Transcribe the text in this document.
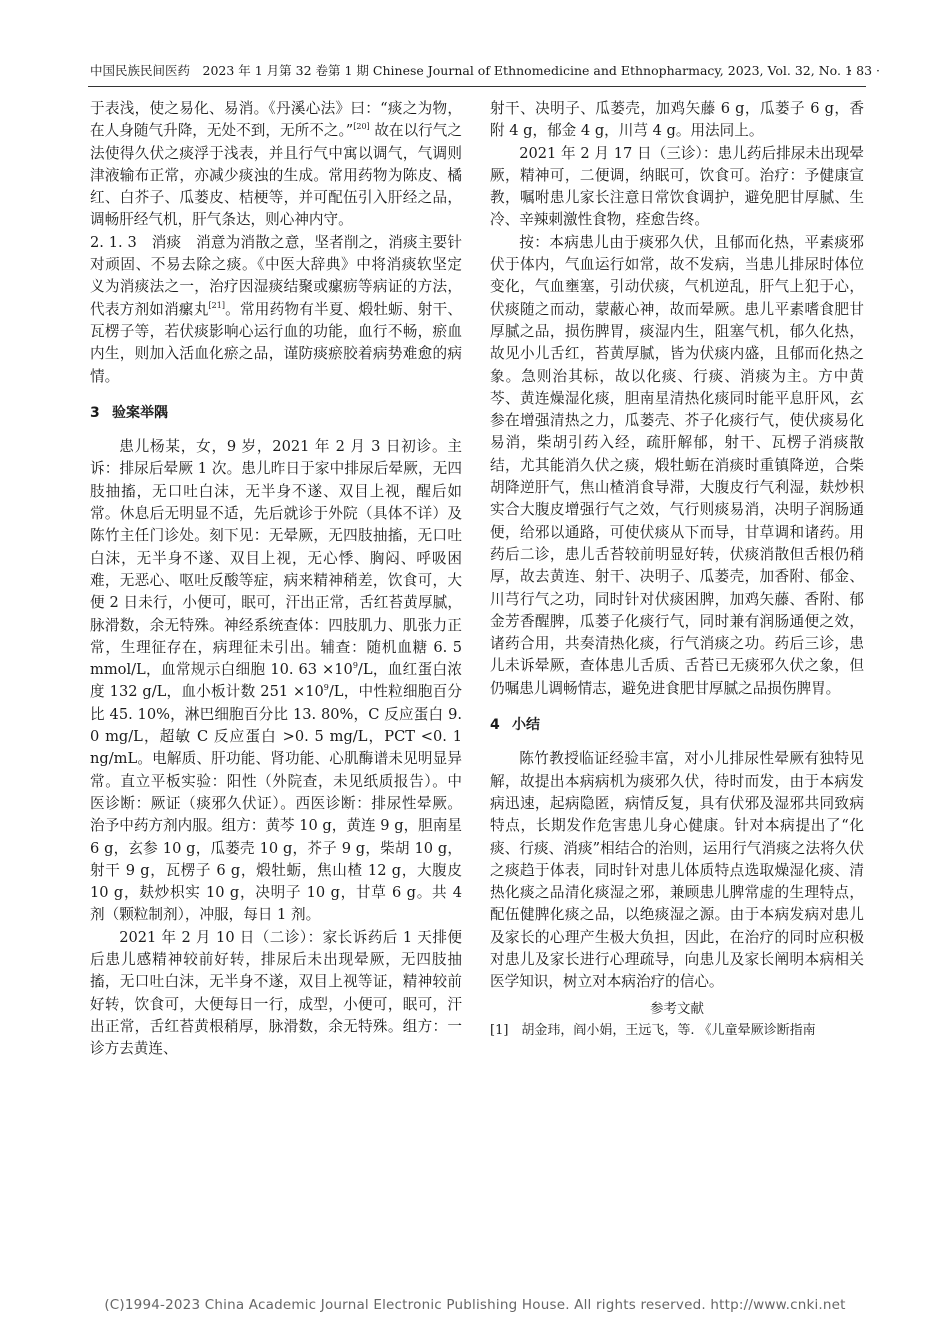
中国民族民间医药　2023 年 1 月第 32 卷第 1 期 Chinese Journal of Ethnomedicine and Ethnopharmacy, 2023, Vol. 32, No. 1
· 83 ·

于表浅，使之易化、易消。《丹溪心法》曰：“痰之为物，在人身随气升降，无处不到，无所不之。”[20] 故在以行气之法使得久伏之痰浮于浅表，并且行气中寓以调气，气调则津液输布正常，亦减少痰浊的生成。常用药物为陈皮、橘红、白芥子、瓜蒌皮、桔梗等，并可配伍引入肝经之品，调畅肝经气机，肝气条达，则心神内守。

2. 1. 3　消痰　消意为消散之意，坚者削之，消痰主要针对顽固、不易去除之痰。《中医大辞典》中将消痰软坚定义为消痰法之一，治疗因湿痰结聚或瘰疬等病证的方法，代表方剂如消瘰丸[21]。常用药物有半夏、煅牡蛎、射干、瓦楞子等，若伏痰影响心运行血的功能，血行不畅，瘀血内生，则加入活血化瘀之品，谨防痰瘀胶着病势难愈的病情。

3 验案举隅

患儿杨某，女，9 岁，2021 年 2 月 3 日初诊。主诉：排尿后晕厥 1 次。患儿昨日于家中排尿后晕厥，无四肢抽搐，无口吐白沫，无半身不遂、双目上视，醒后如常。休息后无明显不适，先后就诊于外院（具体不详）及陈竹主任门诊处。刻下见：无晕厥，无四肢抽搐，无口吐白沫，无半身不遂、双目上视，无心悸、胸闷、呼吸困难，无恶心、呕吐反酸等症，病来精神稍差，饮食可，大便 2 日未行，小便可，眠可，汗出正常，舌红苔黄厚腻，脉滑数，余无特殊。神经系统查体：四肢肌力、肌张力正常，生理征存在，病理征未引出。辅查：随机血糖 6. 5 mmol/L，血常规示白细胞 10. $63 \times 10^9/L$，血红蛋白浓度 132 g/L，血小板计数 $251 \times 10^9/L$，中性粒细胞百分比 45. 10%，淋巴细胞百分比 13. 80%，C 反应蛋白 9. 0 mg/L，超敏 C 反应蛋白 >0. 5 mg/L，PCT <0. 1 ng/mL。电解质、肝功能、肾功能、心肌酶谱未见明显异常。直立平板实验：阳性（外院查，未见纸质报告）。中医诊断：厥证（痰邪久伏证）。西医诊断：排尿性晕厥。治予中药方剂内服。组方：黄芩 10 g，黄连 9 g，胆南星 6 g，玄参 10 g，瓜蒌壳 10 g，芥子 9 g，柴胡 10 g，射干 9 g，瓦楞子 6 g，煅牡蛎，焦山楂 12 g，大腹皮 10 g，麸炒枳实 10 g，决明子 10 g，甘草 6 g。共 4 剂（颗粒制剂），冲服，每日 1 剂。

2021 年 2 月 10 日（二诊）：家长诉药后 1 天排便后患儿感精神较前好转，排尿后未出现晕厥，无四肢抽搐，无口吐白沫，无半身不遂，双目上视等证，精神较前好转，饮食可，大便每日一行，成型，小便可，眠可，汗出正常，舌红苔黄根稍厚，脉滑数，余无特殊。组方：一诊方去黄连、

射干、决明子、瓜蒌壳，加鸡矢藤 6 g，瓜蒌子 6 g，香附 4 g，郁金 4 g，川芎 4 g。用法同上。

2021 年 2 月 17 日（三诊）：患儿药后排尿未出现晕厥，精神可，二便调，纳眠可，饮食可。治疗：予健康宣教，嘱咐患儿家长注意日常饮食调护，避免肥甘厚腻、生冷、辛辣刺激性食物，痊愈告终。

按：本病患儿由于痰邪久伏，且郁而化热，平素痰邪伏于体内，气血运行如常，故不发病，当患儿排尿时体位变化，气血壅塞，引动伏痰，气机逆乱，肝气上犯于心，伏痰随之而动，蒙蔽心神，故而晕厥。患儿平素嗜食肥甘厚腻之品，损伤脾胃，痰湿内生，阻塞气机，郁久化热，故见小儿舌红，苔黄厚腻，皆为伏痰内盛，且郁而化热之象。急则治其标，故以化痰、行痰、消痰为主。方中黄芩、黄连燥湿化痰，胆南星清热化痰同时能平息肝风，玄参在增强清热之力，瓜蒌壳、芥子化痰行气，使伏痰易化易消，柴胡引药入经，疏肝解郁，射干、瓦楞子消痰散结，尤其能消久伏之痰，煅牡蛎在消痰时重镇降逆，合柴胡降逆肝气，焦山楂消食导滞，大腹皮行气利湿，麸炒枳实合大腹皮增强行气之效，气行则痰易消，决明子润肠通便，给邪以通路，可使伏痰从下而导，甘草调和诸药。用药后二诊，患儿舌苔较前明显好转，伏痰消散但舌根仍稍厚，故去黄连、射干、决明子、瓜蒌壳，加香附、郁金、川芎行气之功，同时针对伏痰困脾，加鸡矢藤、香附、郁金芳香醒脾，瓜蒌子化痰行气，同时兼有润肠通便之效，诸药合用，共奏清热化痰，行气消痰之功。药后三诊，患儿未诉晕厥，查体患儿舌质、舌苔已无痰邪久伏之象，但仍嘱患儿调畅情志，避免进食肥甘厚腻之品损伤脾胃。

4 小结

陈竹教授临证经验丰富，对小儿排尿性晕厥有独特见解，故提出本病病机为痰邪久伏，待时而发，由于本病发病迅速，起病隐匿，病情反复，具有伏邪及湿邪共同致病特点，长期发作危害患儿身心健康。针对本病提出了“化痰、行痰、消痰”相结合的治则，运用行气消痰之法将久伏之痰趋于体表，同时针对患儿体质特点选取燥湿化痰、清热化痰之品清化痰湿之邪，兼顾患儿脾常虚的生理特点，配伍健脾化痰之品，以绝痰湿之源。由于本病发病对患儿及家长的心理产生极大负担，因此，在治疗的同时应积极对患儿及家长进行心理疏导，向患儿及家长阐明本病相关医学知识，树立对本病治疗的信心。

参考文献

[1]　胡金玮，阎小娟，王远飞，等. 《儿童晕厥诊断指南

(C)1994-2023 China Academic Journal Electronic Publishing House. All rights reserved. http://www.cnki.net
